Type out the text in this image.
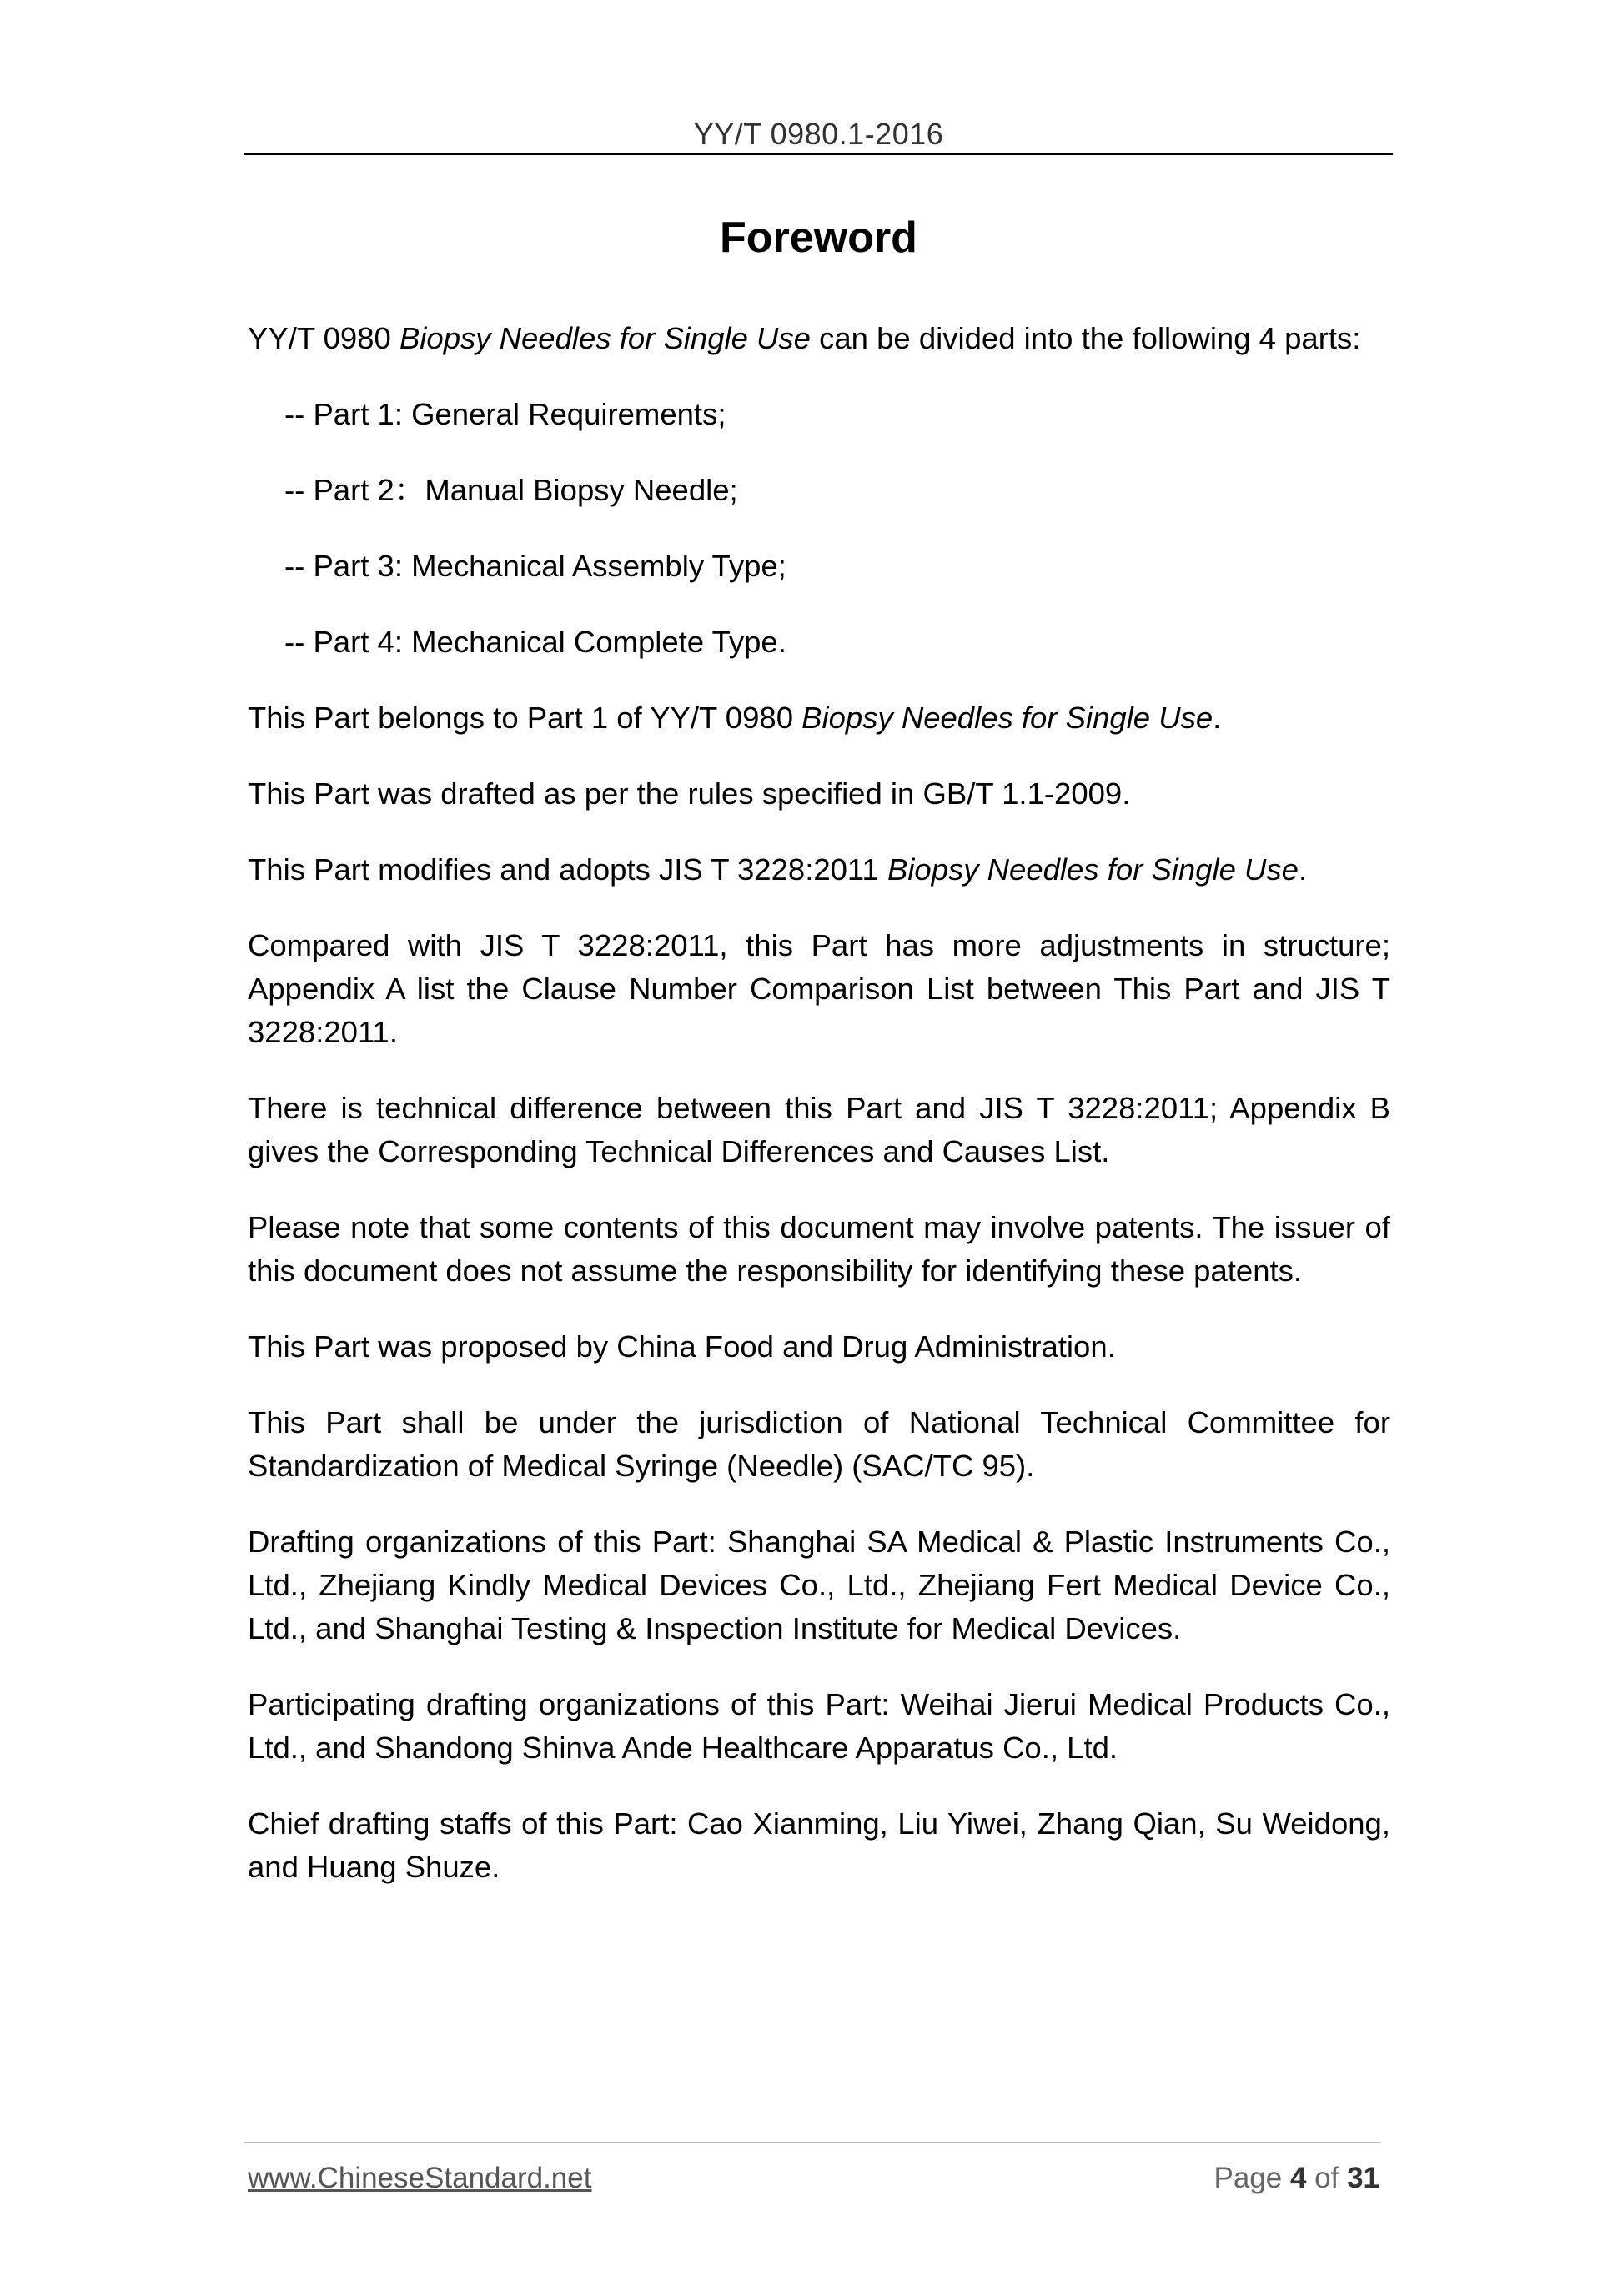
YY/T 0980.1-2016
Foreword

YY/T 0980 Biopsy Needles for Single Use can be divided into the following 4 parts:

-- Part 1: General Requirements;

-- Part 2：Manual Biopsy Needle;

-- Part 3: Mechanical Assembly Type;

-- Part 4: Mechanical Complete Type.

This Part belongs to Part 1 of YY/T 0980 Biopsy Needles for Single Use.

This Part was drafted as per the rules specified in GB/T 1.1-2009.

This Part modifies and adopts JIS T 3228:2011 Biopsy Needles for Single Use.

Compared with JIS T 3228:2011, this Part has more adjustments in structure; Appendix A list the Clause Number Comparison List between This Part and JIS T 3228:2011.

There is technical difference between this Part and JIS T 3228:2011; Appendix B gives the Corresponding Technical Differences and Causes List.

Please note that some contents of this document may involve patents. The issuer of this document does not assume the responsibility for identifying these patents.

This Part was proposed by China Food and Drug Administration.

This Part shall be under the jurisdiction of National Technical Committee for Standardization of Medical Syringe (Needle) (SAC/TC 95).

Drafting organizations of this Part: Shanghai SA Medical & Plastic Instruments Co., Ltd., Zhejiang Kindly Medical Devices Co., Ltd., Zhejiang Fert Medical Device Co., Ltd., and Shanghai Testing & Inspection Institute for Medical Devices.

Participating drafting organizations of this Part: Weihai Jierui Medical Products Co., Ltd., and Shandong Shinva Ande Healthcare Apparatus Co., Ltd.

Chief drafting staffs of this Part: Cao Xianming, Liu Yiwei, Zhang Qian, Su Weidong, and Huang Shuze.

www.ChineseStandard.net	Page 4 of 31
